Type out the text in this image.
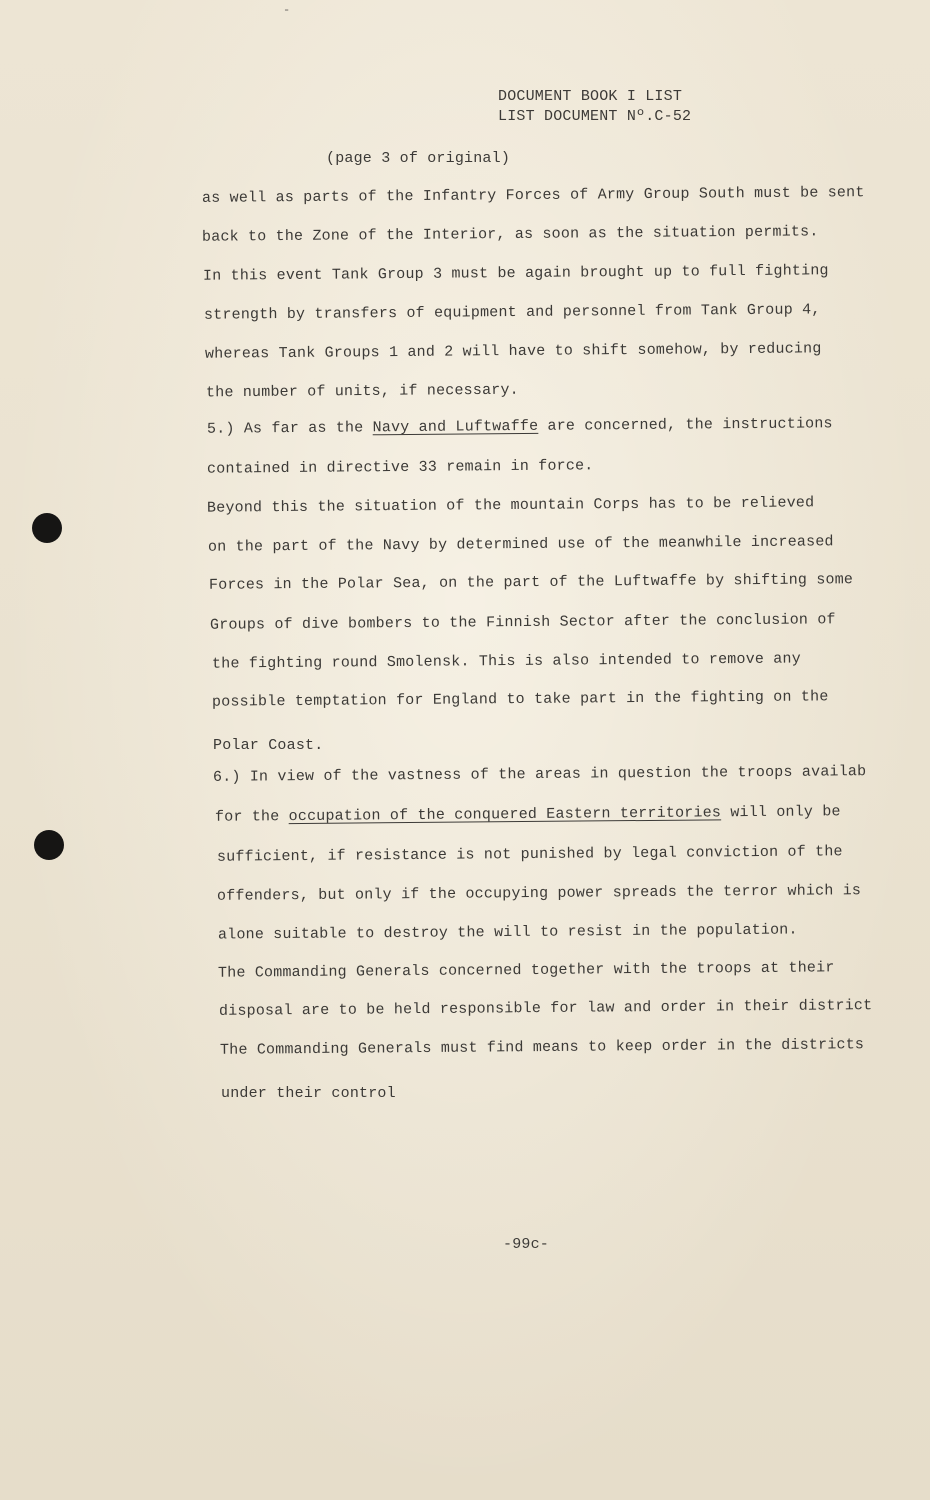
-
DOCUMENT BOOK I LIST
LIST DOCUMENT Nº.C-52
(page 3 of original)
as well as parts of the Infantry Forces of Army Group South must be sent
back to the Zone of the Interior, as soon as the situation permits.
In this event Tank Group 3 must be again brought up to full fighting
strength by transfers of equipment and personnel from Tank Group 4,
whereas Tank Groups 1 and 2 will have to shift somehow, by reducing
the number of units, if necessary.
5.) As far as the Navy and Luftwaffe are concerned, the instructions
contained in directive 33 remain in force.
Beyond this the situation of the mountain Corps has to be relieved
on the part of the Navy by determined use of the meanwhile increased
Forces in the Polar Sea, on the part of the Luftwaffe by shifting some
Groups of dive bombers to the Finnish Sector after the conclusion of
the fighting round Smolensk. This is also intended to remove any
possible temptation for England to take part in the fighting on the
Polar Coast.
6.) In view of the vastness of the areas in question the troops availab
for the occupation of the conquered Eastern territories will only be
sufficient, if resistance is not punished by legal conviction of the
offenders, but only if the occupying power spreads the terror which is
alone suitable to destroy the will to resist in the population.
The Commanding Generals concerned together with the troops at their
disposal are to be held responsible for law and order in their district
The Commanding Generals must find means to keep order in the districts
under their control
-99c-
